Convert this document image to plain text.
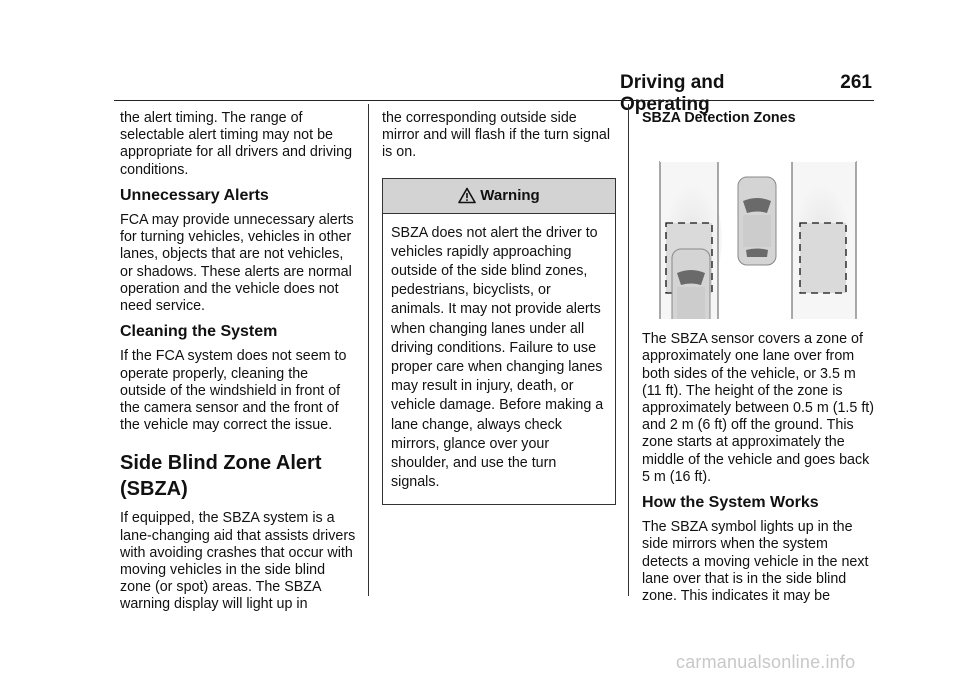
Driving and Operating
261

the alert timing. The range of selectable alert timing may not be appropriate for all drivers and driving conditions.

Unnecessary Alerts

FCA may provide unnecessary alerts for turning vehicles, vehicles in other lanes, objects that are not vehicles, or shadows. These alerts are normal operation and the vehicle does not need service.

Cleaning the System

If the FCA system does not seem to operate properly, cleaning the outside of the windshield in front of the camera sensor and the front of the vehicle may correct the issue.

Side Blind Zone Alert (SBZA)

If equipped, the SBZA system is a lane-changing aid that assists drivers with avoiding crashes that occur with moving vehicles in the side blind zone (or spot) areas. The SBZA warning display will light up in

the corresponding outside side mirror and will flash if the turn signal is on.

Warning
SBZA does not alert the driver to vehicles rapidly approaching outside of the side blind zones, pedestrians, bicyclists, or animals. It may not provide alerts when changing lanes under all driving conditions. Failure to use proper care when changing lanes may result in injury, death, or vehicle damage. Before making a lane change, always check mirrors, glance over your shoulder, and use the turn signals.

SBZA Detection Zones

The SBZA sensor covers a zone of approximately one lane over from both sides of the vehicle, or 3.5 m (11 ft). The height of the zone is approximately between 0.5 m (1.5 ft) and 2 m (6 ft) off the ground. This zone starts at approximately the middle of the vehicle and goes back 5 m (16 ft).

How the System Works

The SBZA symbol lights up in the side mirrors when the system detects a moving vehicle in the next lane over that is in the side blind zone. This indicates it may be

carmanualsonline.info
